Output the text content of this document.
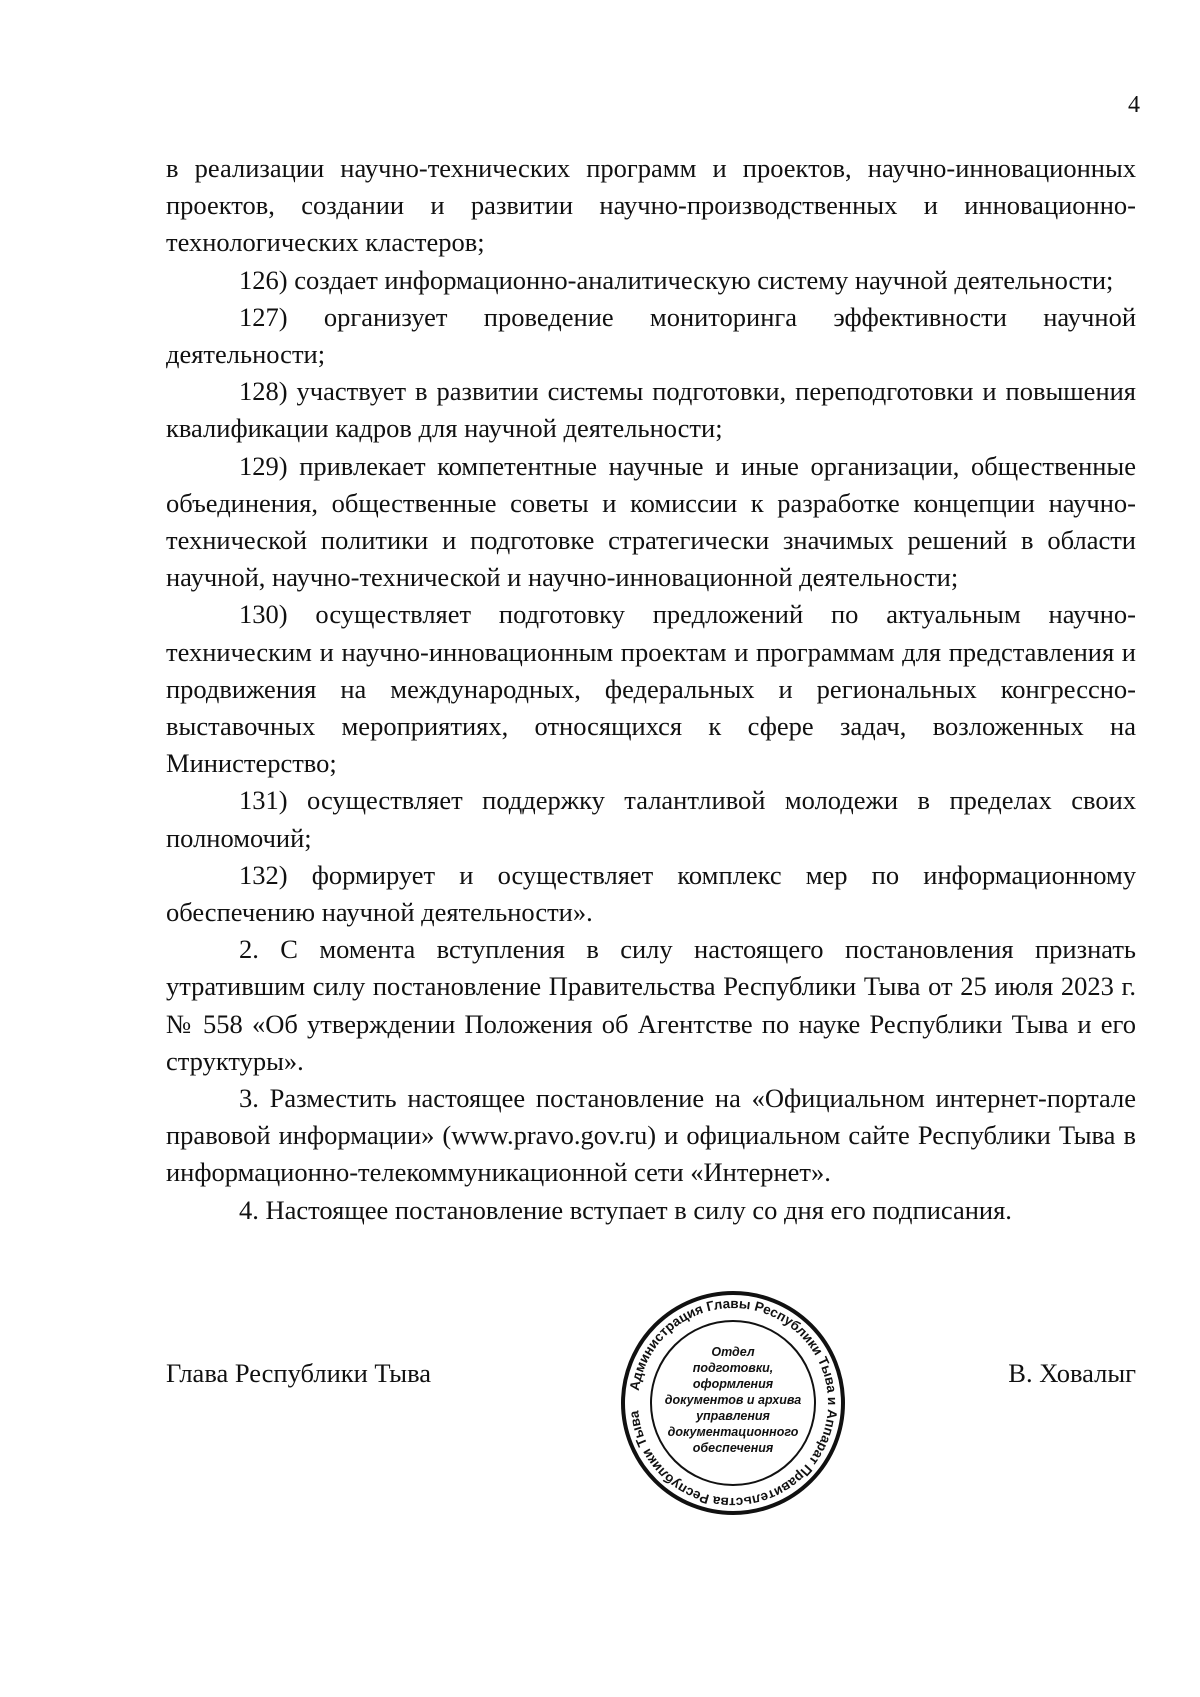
4

в реализации научно-технических программ и проектов, научно-инновационных проектов, создании и развитии научно-производственных и инновационно-технологических кластеров;

126) создает информационно-аналитическую систему научной деятельности;

127) организует проведение мониторинга эффективности научной деятельности;

128) участвует в развитии системы подготовки, переподготовки и повышения квалификации кадров для научной деятельности;

129) привлекает компетентные научные и иные организации, общественные объединения, общественные советы и комиссии к разработке концепции научно-технической политики и подготовке стратегически значимых решений в области научной, научно-технической и научно-инновационной деятельности;

130) осуществляет подготовку предложений по актуальным научно-техническим и научно-инновационным проектам и программам для представления и продвижения на международных, федеральных и региональных конгрессно-выставочных мероприятиях, относящихся к сфере задач, возложенных на Министерство;

131) осуществляет поддержку талантливой молодежи в пределах своих полномочий;

132) формирует и осуществляет комплекс мер по информационному обеспечению научной деятельности».

2. С момента вступления в силу настоящего постановления признать утратившим силу постановление Правительства Республики Тыва от 25 июля 2023 г. № 558 «Об утверждении Положения об Агентстве по науке Республики Тыва и его структуры».

3. Разместить настоящее постановление на «Официальном интернет-портале правовой информации» (www.pravo.gov.ru) и официальном сайте Республики Тыва в информационно-телекоммуникационной сети «Интернет».

4. Настоящее постановление вступает в силу со дня его подписания.

Глава Республики Тыва	В. Ховалыг
Администрация Главы Республики Тыва и Аппарат Правительства Республики Тыва
Отдел
подготовки,
оформления
документов и архива
управления
документационного
обеспечения
